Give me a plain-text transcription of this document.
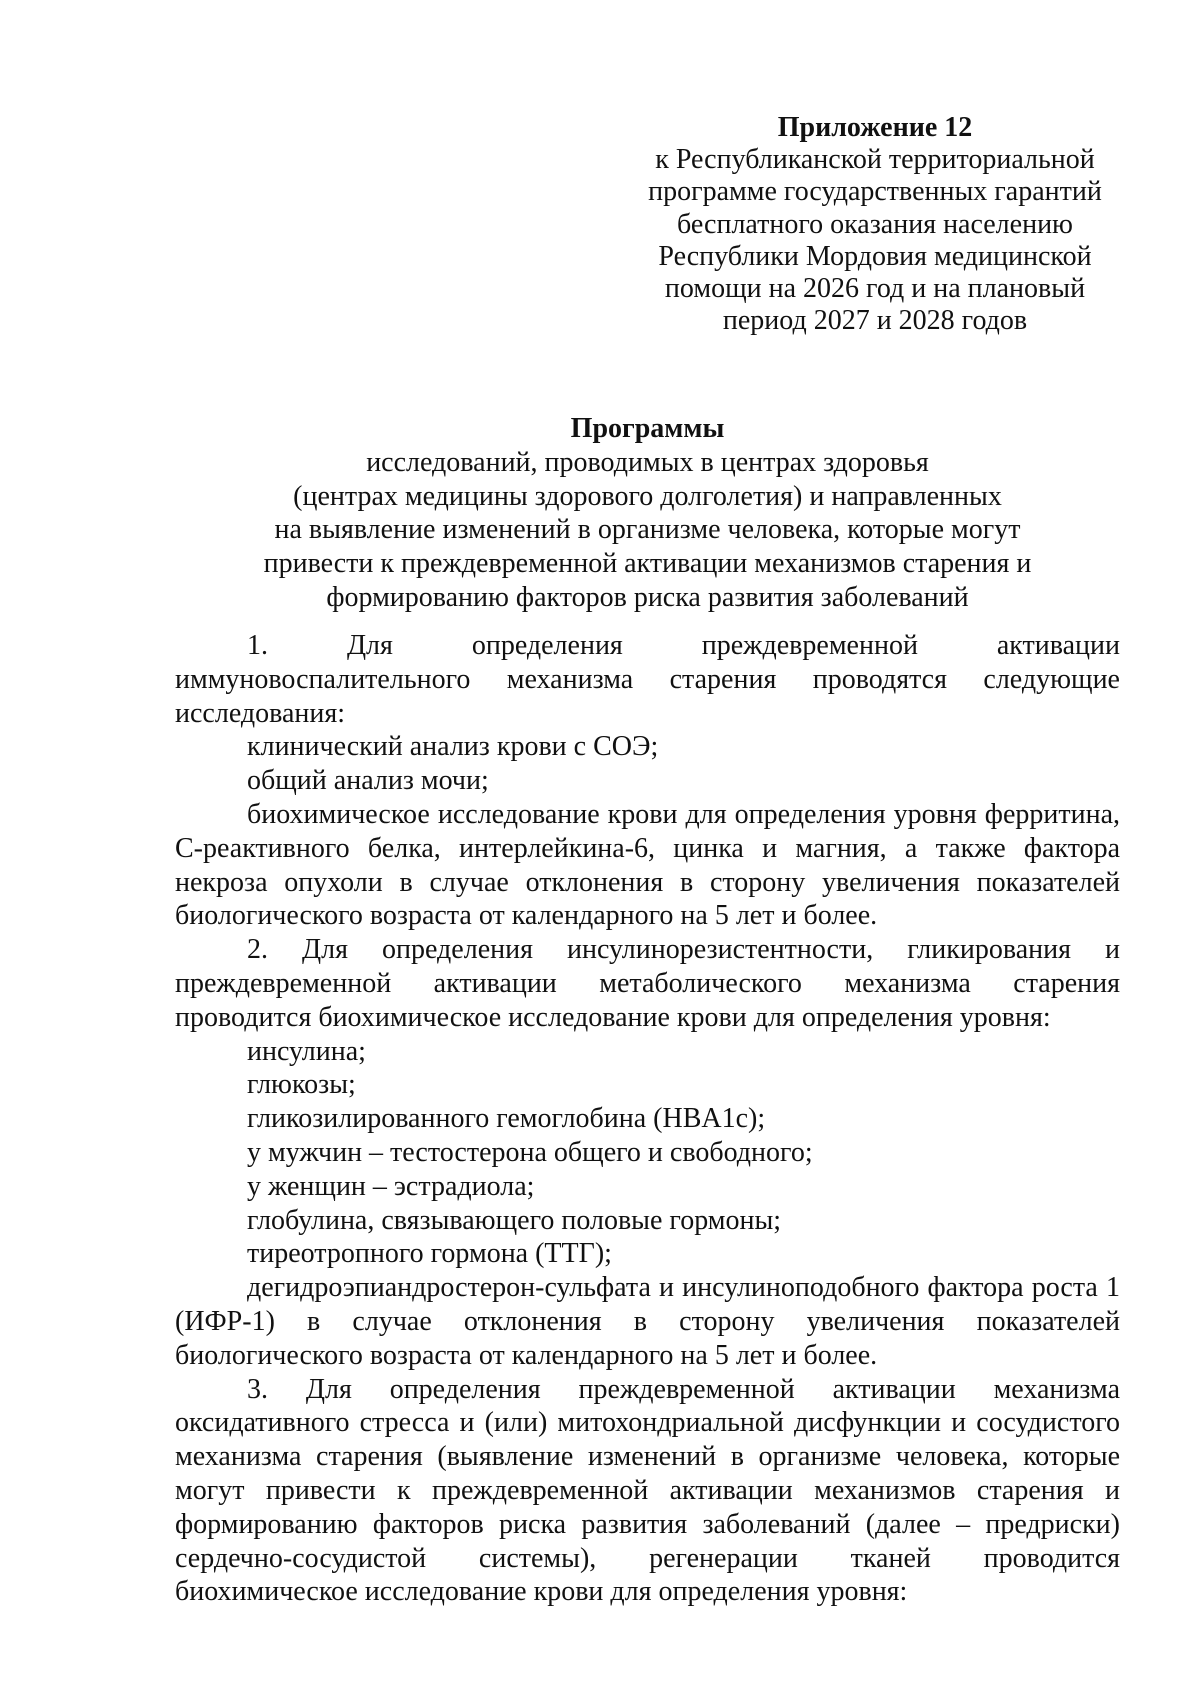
Приложение 12
к Республиканской территориальной
программе государственных гарантий
бесплатного оказания населению
Республики Мордовия медицинской
помощи на 2026 год и на плановый
период 2027 и 2028 годов
Программы
исследований, проводимых в центрах здоровья
(центрах медицины здорового долголетия) и направленных
на выявление изменений в организме человека, которые могут
привести к преждевременной активации механизмов старения и
формированию факторов риска развития заболеваний

1. Для определения преждевременной активации иммуновоспалительного механизма старения проводятся следующие исследования:

клинический анализ крови с СОЭ;

общий анализ мочи;

биохимическое исследование крови для определения уровня ферритина, С-реактивного белка, интерлейкина-6, цинка и магния, а также фактора некроза опухоли в случае отклонения в сторону увеличения показателей биологического возраста от календарного на 5 лет и более.

2. Для определения инсулинорезистентности, гликирования и преждевременной активации метаболического механизма старения проводится биохимическое исследование крови для определения уровня:

инсулина;

глюкозы;

гликозилированного гемоглобина (HBA1c);

у мужчин – тестостерона общего и свободного;

у женщин – эстрадиола;

глобулина, связывающего половые гормоны;

тиреотропного гормона (ТТГ);

дегидроэпиандростерон-сульфата и инсулиноподобного фактора роста 1 (ИФР-1) в случае отклонения в сторону увеличения показателей биологического возраста от календарного на 5 лет и более.

3. Для определения преждевременной активации механизма оксидативного стресса и (или) митохондриальной дисфункции и сосудистого механизма старения (выявление изменений в организме человека, которые могут привести к преждевременной активации механизмов старения и формированию факторов риска развития заболеваний (далее – предриски) сердечно-сосудистой системы), регенерации тканей проводится биохимическое исследование крови для определения уровня:
